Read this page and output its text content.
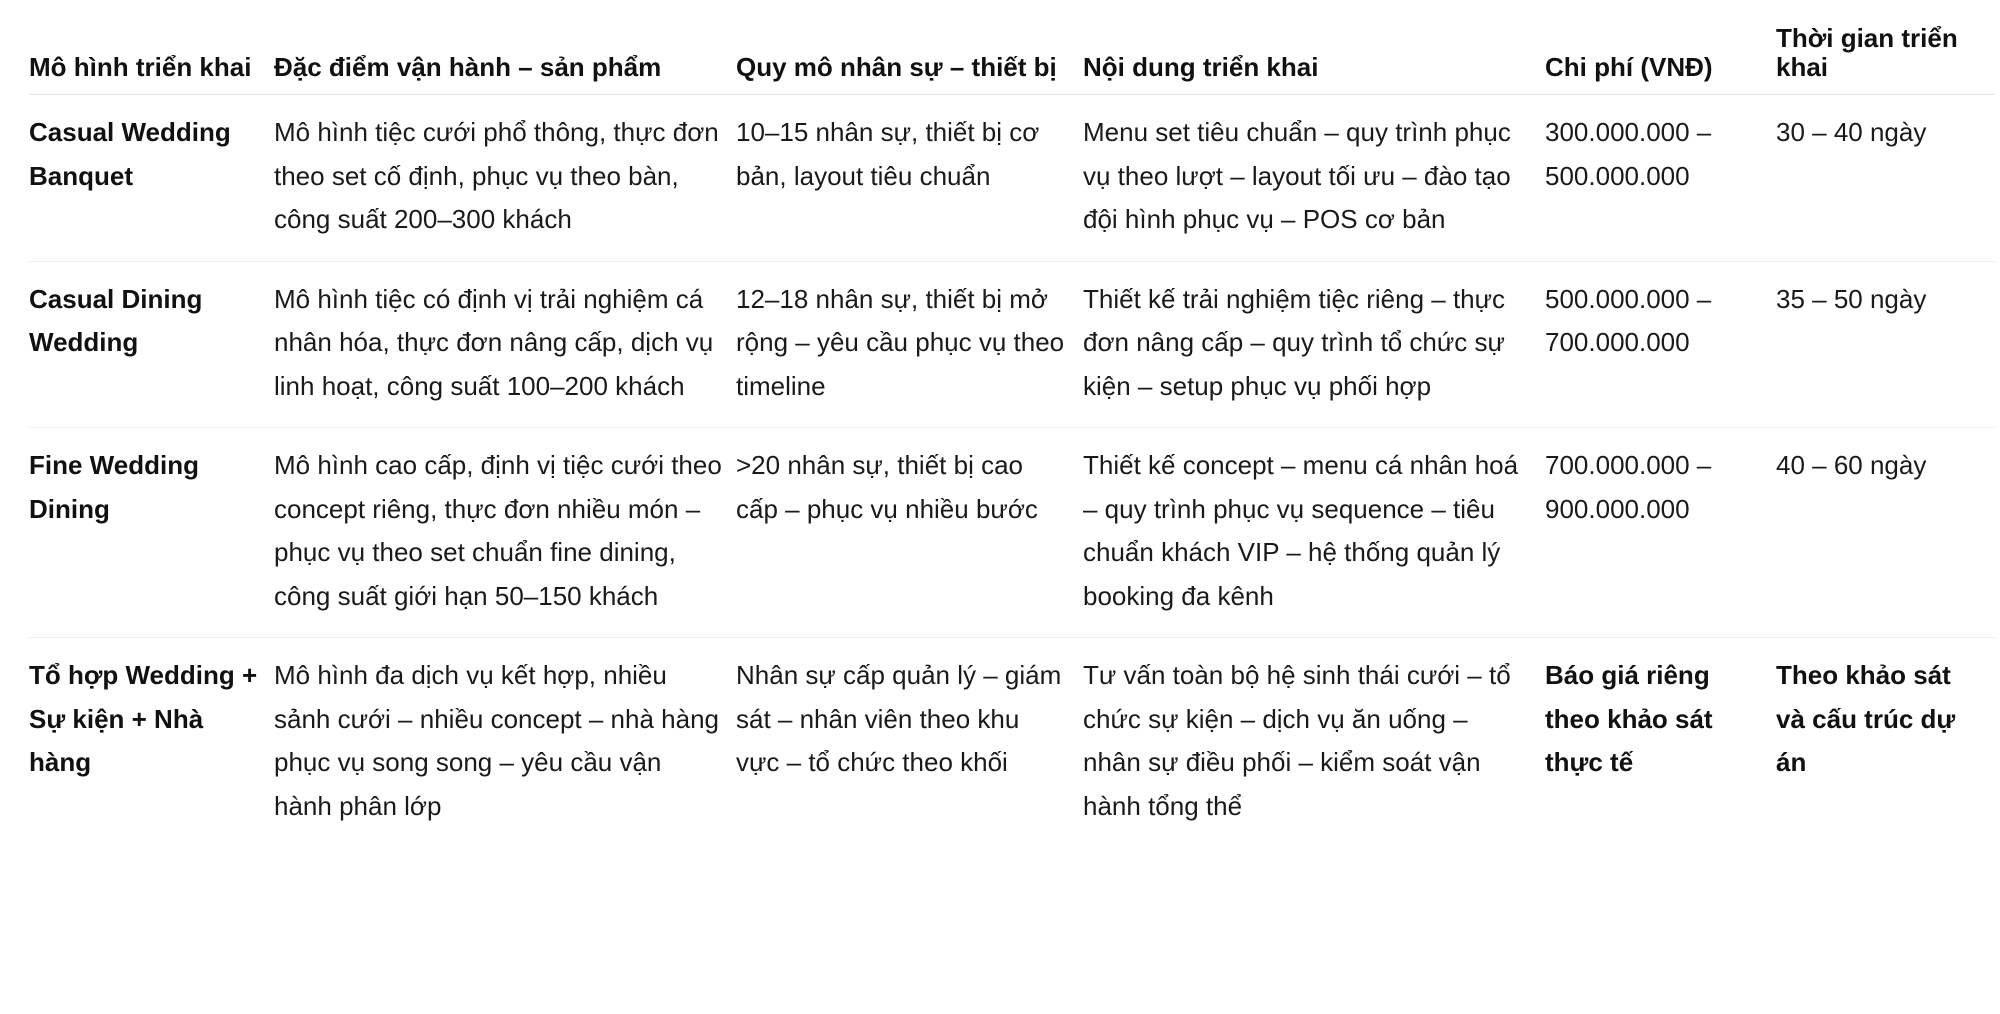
Mô hình triển khai	Đặc điểm vận hành – sản phẩm	Quy mô nhân sự – thiết bị	Nội dung triển khai	Chi phí (VNĐ)	Thời gian triển khai
Casual Wedding Banquet	Mô hình tiệc cưới phổ thông, thực đơn theo set cố định, phục vụ theo bàn, công suất 200–300 khách	10–15 nhân sự, thiết bị cơ bản, layout tiêu chuẩn	Menu set tiêu chuẩn – quy trình phục vụ theo lượt – layout tối ưu – đào tạo đội hình phục vụ – POS cơ bản	300.000.000 – 500.000.000	30 – 40 ngày
Casual Dining Wedding	Mô hình tiệc có định vị trải nghiệm cá nhân hóa, thực đơn nâng cấp, dịch vụ linh hoạt, công suất 100–200 khách	12–18 nhân sự, thiết bị mở rộng – yêu cầu phục vụ theo timeline	Thiết kế trải nghiệm tiệc riêng – thực đơn nâng cấp – quy trình tổ chức sự kiện – setup phục vụ phối hợp	500.000.000 – 700.000.000	35 – 50 ngày
Fine Wedding Dining	Mô hình cao cấp, định vị tiệc cưới theo concept riêng, thực đơn nhiều món – phục vụ theo set chuẩn fine dining, công suất giới hạn 50–150 khách	>20 nhân sự, thiết bị cao cấp – phục vụ nhiều bước	Thiết kế concept – menu cá nhân hoá – quy trình phục vụ sequence – tiêu chuẩn khách VIP – hệ thống quản lý booking đa kênh	700.000.000 – 900.000.000	40 – 60 ngày
Tổ hợp Wedding + Sự kiện + Nhà hàng	Mô hình đa dịch vụ kết hợp, nhiều sảnh cưới – nhiều concept – nhà hàng phục vụ song song – yêu cầu vận hành phân lớp	Nhân sự cấp quản lý – giám sát – nhân viên theo khu vực – tổ chức theo khối	Tư vấn toàn bộ hệ sinh thái cưới – tổ chức sự kiện – dịch vụ ăn uống – nhân sự điều phối – kiểm soát vận hành tổng thể	Báo giá riêng theo khảo sát thực tế	Theo khảo sát và cấu trúc dự án
